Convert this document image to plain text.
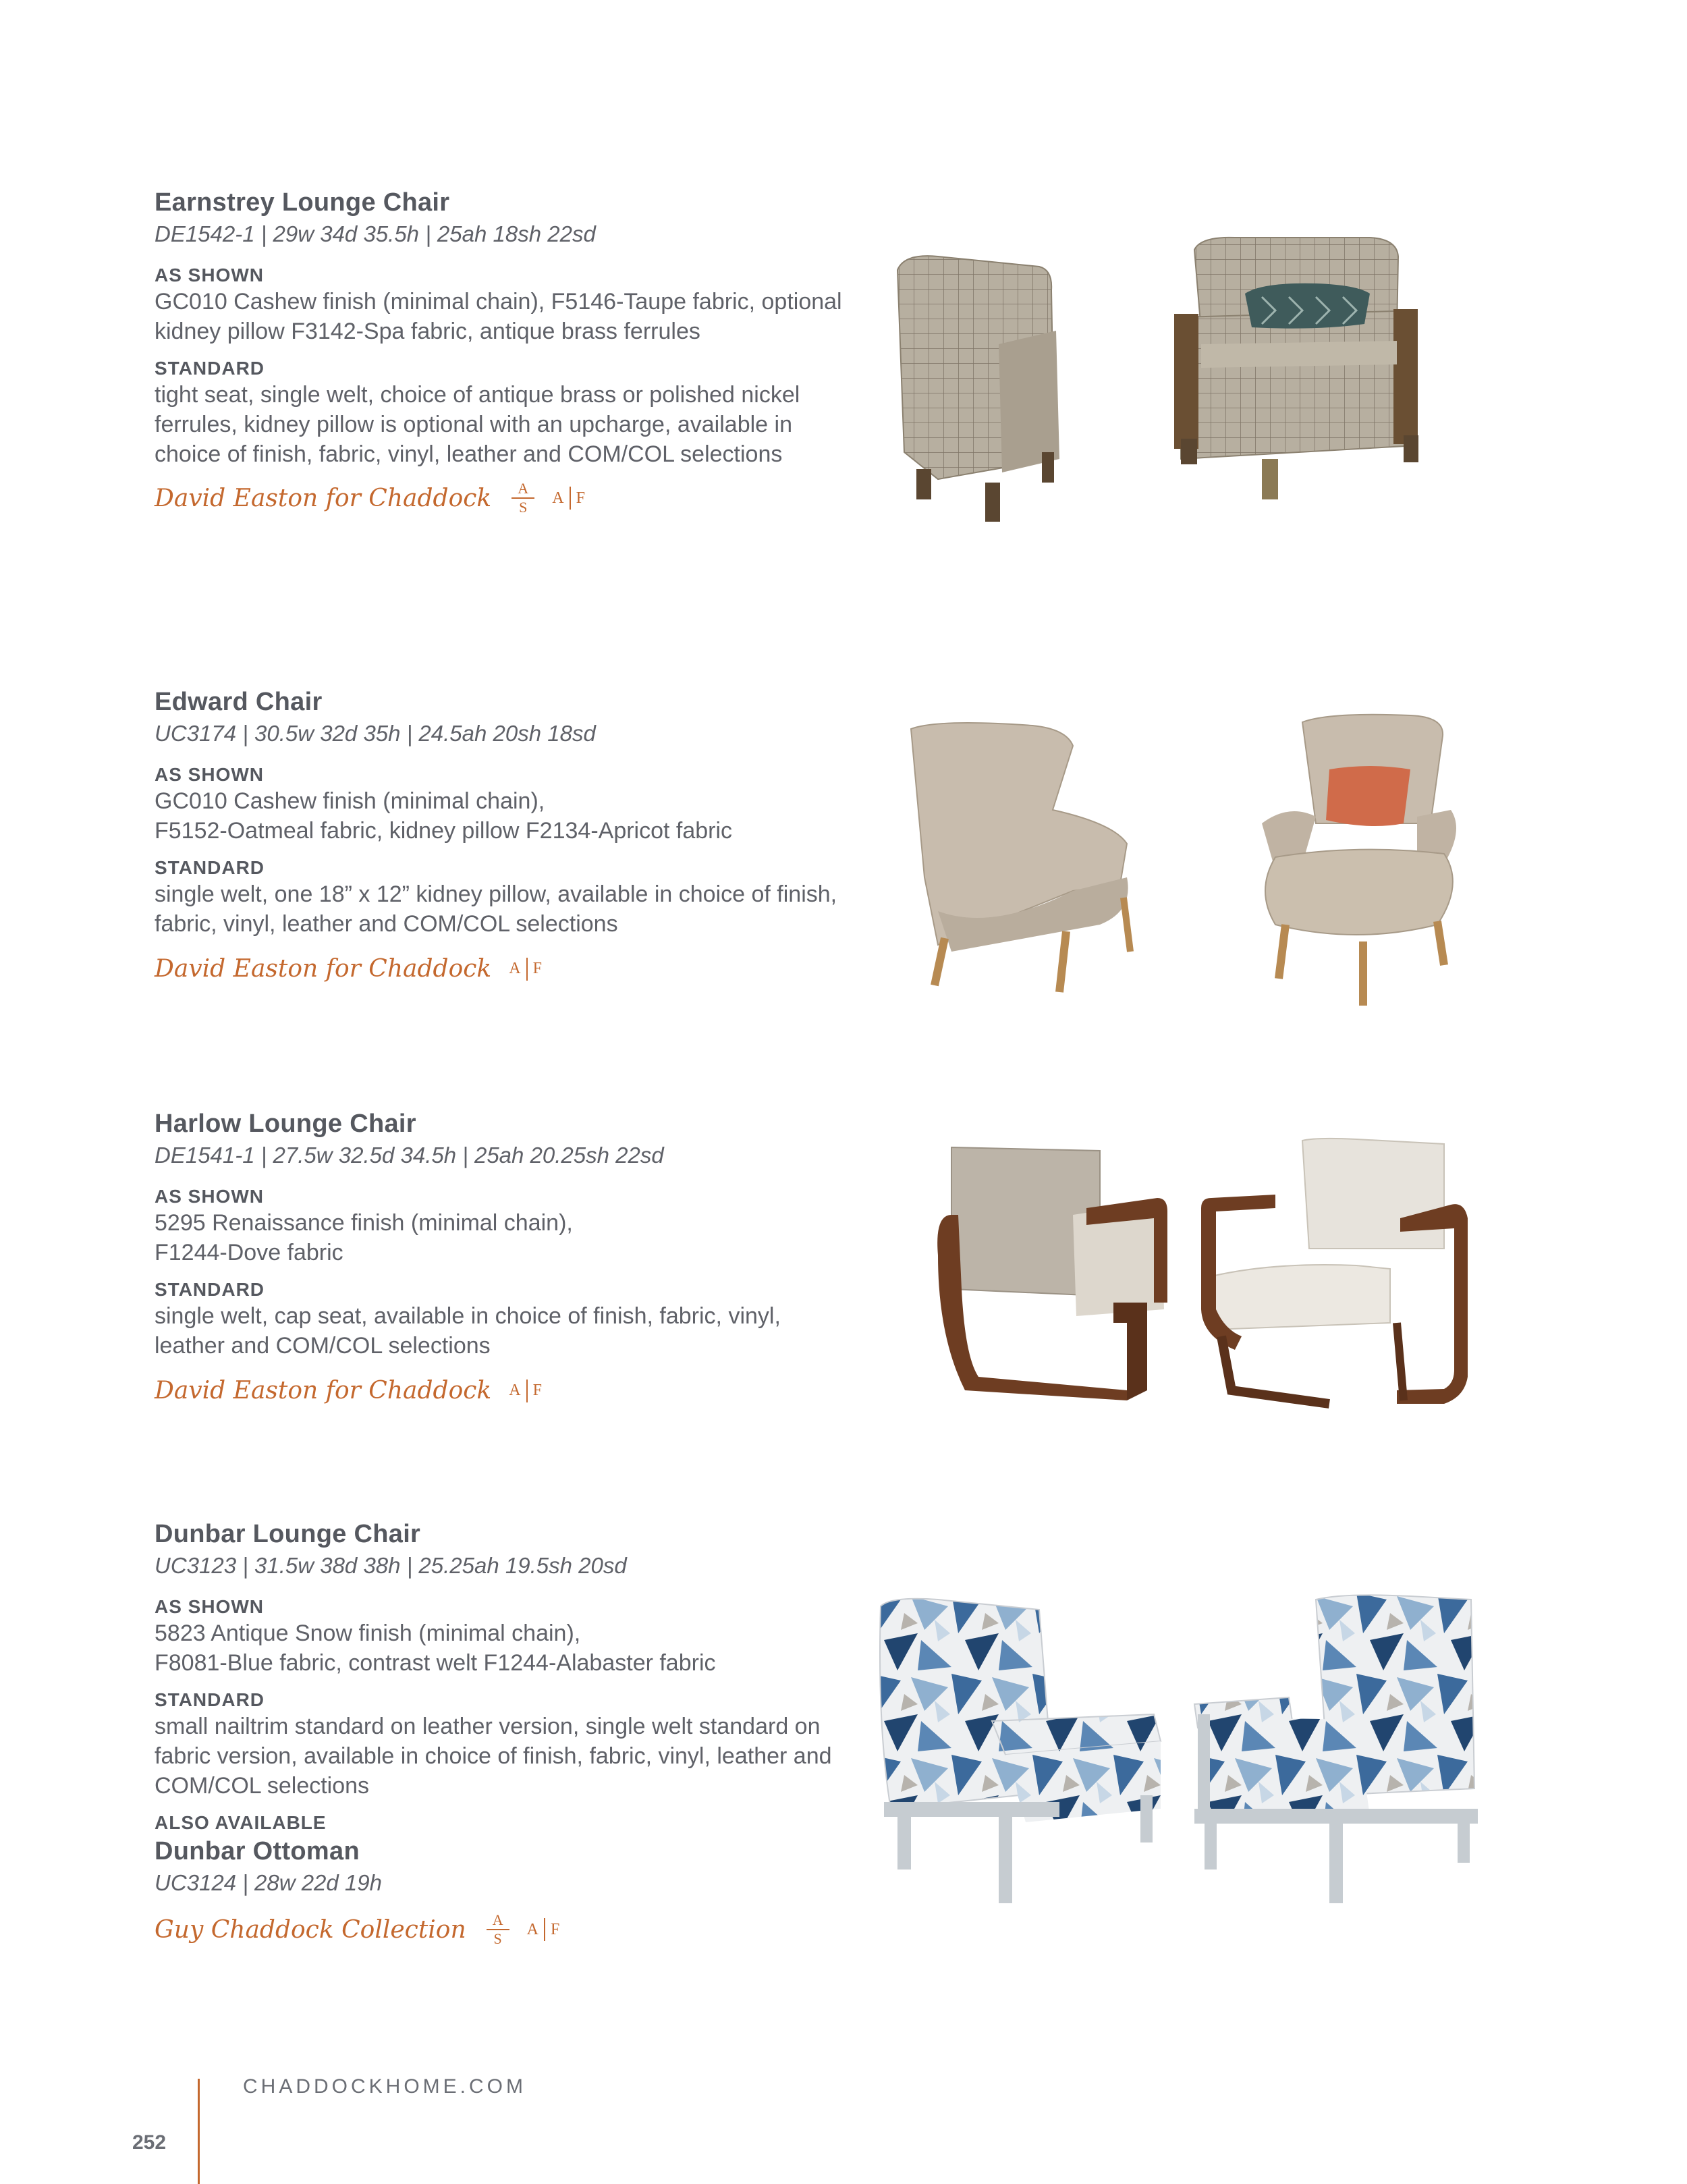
Earnstrey Lounge Chair

DE1542-1 | 29w 34d 35.5h | 25ah 18sh 22sd

AS SHOWN

GC010 Cashew finish (minimal chain), F5146-Taupe fabric, optional kidney pillow F3142-Spa fabric, antique brass ferrules

STANDARD

tight seat, single welt, choice of antique brass or polished nickel ferrules, kidney pillow is optional with an upcharge, available in choice of finish, fabric, vinyl, leather and COM/COL selections

David Easton for Chaddock A
S
A F

Edward Chair

UC3174 | 30.5w 32d 35h | 24.5ah 20sh 18sd

AS SHOWN

GC010 Cashew finish (minimal chain),

F5152-Oatmeal fabric, kidney pillow F2134-Apricot fabric

STANDARD

single welt, one 18” x 12” kidney pillow, available in choice of finish, fabric, vinyl, leather and COM/COL selections

David Easton for Chaddock A F

Harlow Lounge Chair

DE1541-1 | 27.5w 32.5d 34.5h | 25ah 20.25sh 22sd

AS SHOWN

5295 Renaissance finish (minimal chain),

F1244-Dove fabric

STANDARD

single welt, cap seat, available in choice of finish, fabric, vinyl, leather and COM/COL selections

David Easton for Chaddock A F

Dunbar Lounge Chair

UC3123 | 31.5w 38d 38h | 25.25ah 19.5sh 20sd

AS SHOWN

5823 Antique Snow finish (minimal chain),

F8081-Blue fabric, contrast welt F1244-Alabaster fabric

STANDARD

small nailtrim standard on leather version, single welt standard on fabric version, available in choice of finish, fabric, vinyl, leather and COM/COL selections

ALSO AVAILABLE

Dunbar Ottoman

UC3124 | 28w 22d 19h

Guy Chaddock Collection A
S
A F
CHADDOCKHOME.COM
252
